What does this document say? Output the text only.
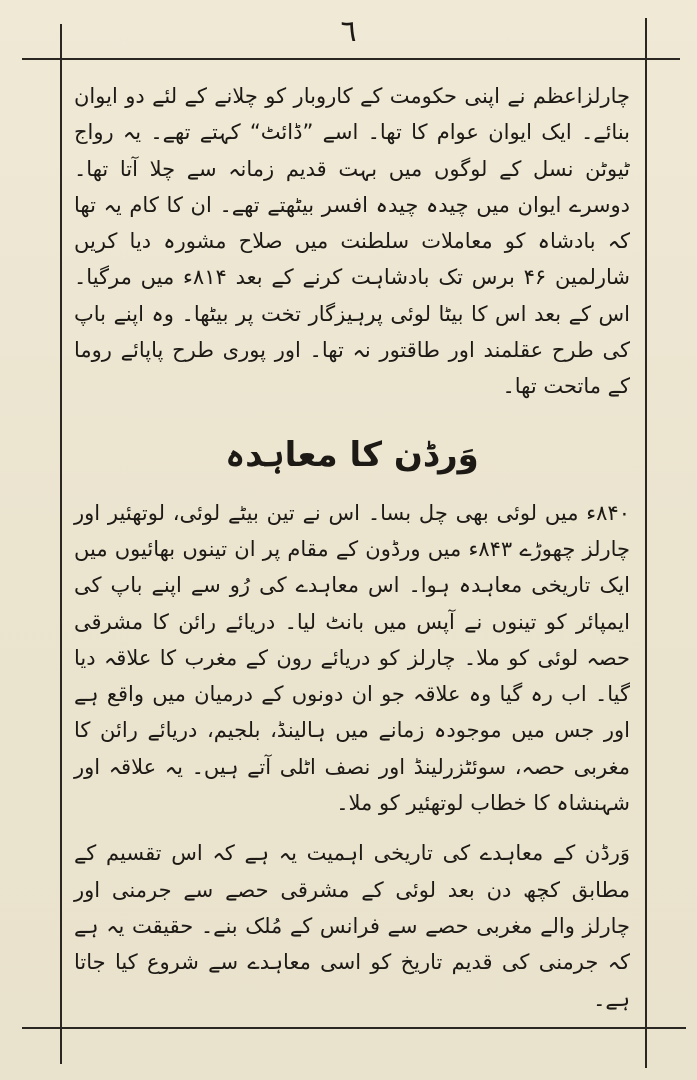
٦

چارلزاعظم نے اپنی حکومت کے کاروبار کو چلانے کے لئے دو ایوان بنائے۔ ایک ایوان عوام کا تھا۔ اسے ”ڈائٹ“ کہتے تھے۔ یہ رواج ٹیوٹن نسل کے لوگوں میں بہت قدیم زمانہ سے چلا آتا تھا۔ دوسرے ایوان میں چیدہ چیدہ افسر بیٹھتے تھے۔ ان کا کام یہ تھا کہ بادشاہ کو معاملات سلطنت میں صلاح مشورہ دیا کریں شارلمین ۴۶ برس تک بادشاہت کرنے کے بعد ۸۱۴ء میں مرگیا۔ اس کے بعد اس کا بیٹا لوئی پرہیزگار تخت پر بیٹھا۔ وہ اپنے باپ کی طرح عقلمند اور طاقتور نہ تھا۔ اور پوری طرح پاپائے روما کے ماتحت تھا۔

وَرڈن کا معاہدہ

۸۴۰ء میں لوئی بھی چل بسا۔ اس نے تین بیٹے لوئی، لوتھئیر اور چارلز چھوڑے ۸۴۳ء میں ورڈون کے مقام پر ان تینوں بھائیوں میں ایک تاریخی معاہدہ ہوا۔ اس معاہدے کی رُو سے اپنے باپ کی ایمپائر کو تینوں نے آپس میں بانٹ لیا۔ دریائے رائن کا مشرقی حصہ لوئی کو ملا۔ چارلز کو دریائے رون کے مغرب کا علاقہ دیا گیا۔ اب رہ گیا وہ علاقہ جو ان دونوں کے درمیان میں واقع ہے اور جس میں موجودہ زمانے میں ہالینڈ، بلجیم، دریائے رائن کا مغربی حصہ، سوئٹزرلینڈ اور نصف اٹلی آتے ہیں۔ یہ علاقہ اور شہنشاہ کا خطاب لوتھئیر کو ملا۔

وَرڈن کے معاہدے کی تاریخی اہمیت یہ ہے کہ اس تقسیم کے مطابق کچھ دن بعد لوئی کے مشرقی حصے سے جرمنی اور چارلز والے مغربی حصے سے فرانس کے مُلک بنے۔ حقیقت یہ ہے کہ جرمنی کی قدیم تاریخ کو اسی معاہدے سے شروع کیا جاتا ہے۔
